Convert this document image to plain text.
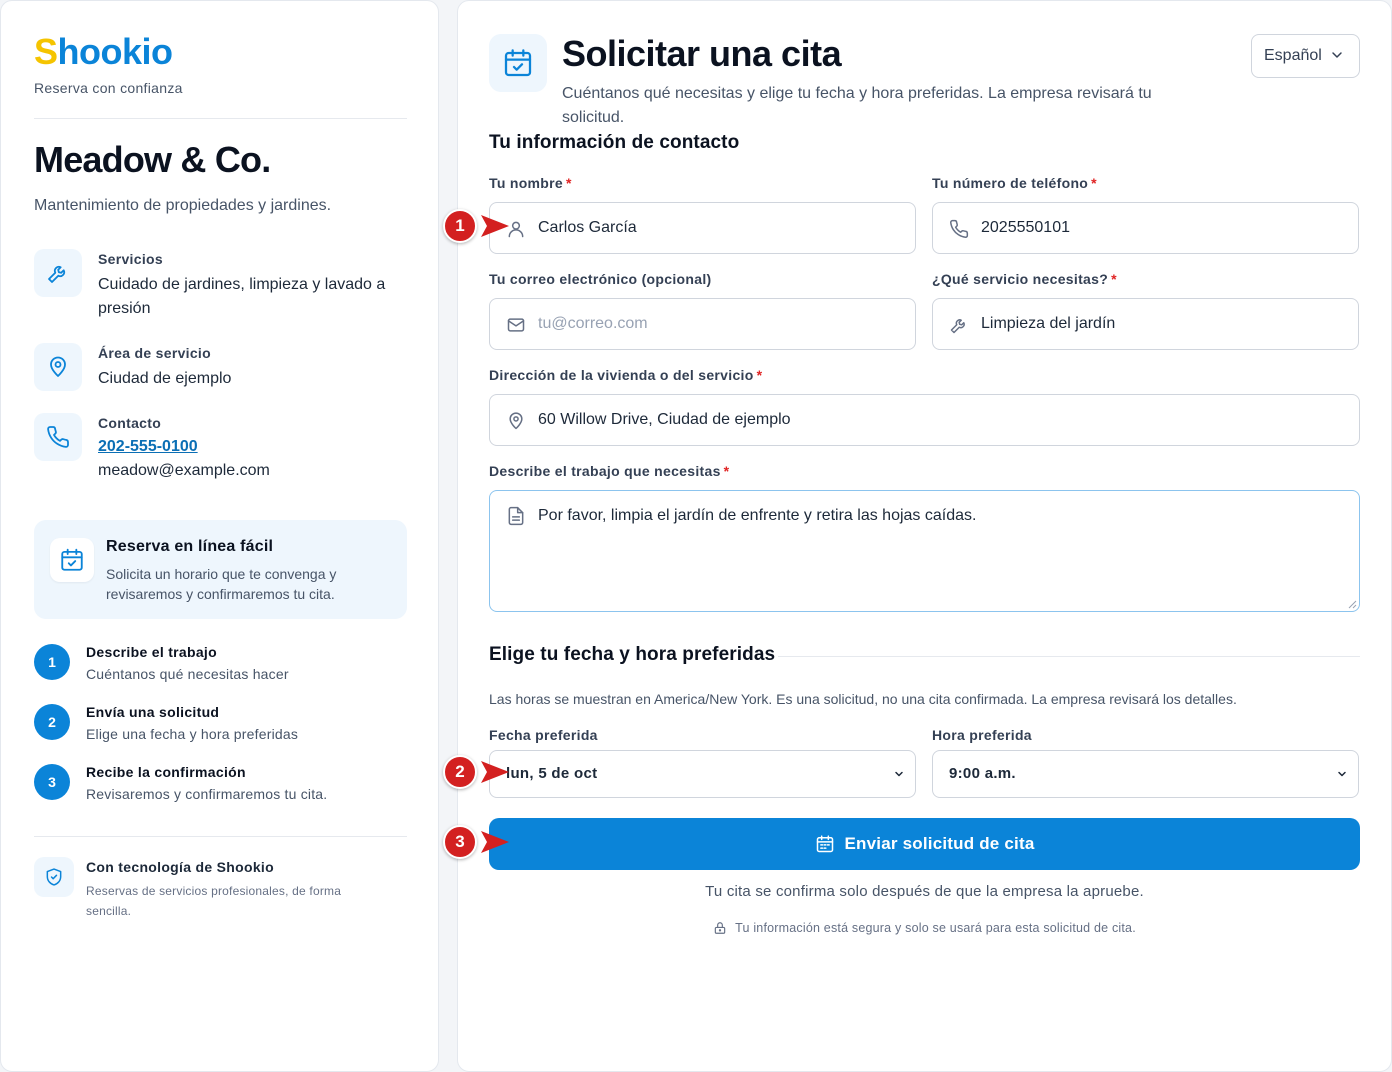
Shookio
Reserva con confianza
Meadow & Co.
Mantenimiento de propiedades y jardines.
Servicios
Cuidado de jardines, limpieza y lavado a presión
Área de servicio
Ciudad de ejemplo
Contacto
202-555-0100
meadow@example.com
Reserva en línea fácil
Solicita un horario que te convenga y revisaremos y confirmaremos tu cita.
1
Describe el trabajo
Cuéntanos qué necesitas hacer
2
Envía una solicitud
Elige una fecha y hora preferidas
3
Recibe la confirmación
Revisaremos y confirmaremos tu cita.
Con tecnología de Shookio
Reservas de servicios profesionales, de forma sencilla.
Solicitar una cita

Cuéntanos qué necesitas y elige tu fecha y hora preferidas. La empresa revisará tu solicitud.

Español
Tu información de contacto
Tu nombre *
Carlos García
Tu número de teléfono *
2025550101
Tu correo electrónico (opcional)
tu@correo.com
¿Qué servicio necesitas? *
Limpieza del jardín
Dirección de la vivienda o del servicio *
60 Willow Drive, Ciudad de ejemplo
Describe el trabajo que necesitas *
Por favor, limpia el jardín de enfrente y retira las hojas caídas.
Elige tu fecha y hora preferidas
Las horas se muestran en America/New York. Es una solicitud, no una cita confirmada. La empresa revisará los detalles.
Fecha preferida
lun, 5 de oct
Hora preferida
9:00 a.m.
Enviar solicitud de cita
Tu cita se confirma solo después de que la empresa la apruebe.
Tu información está segura y solo se usará para esta solicitud de cita.
1
2
3
